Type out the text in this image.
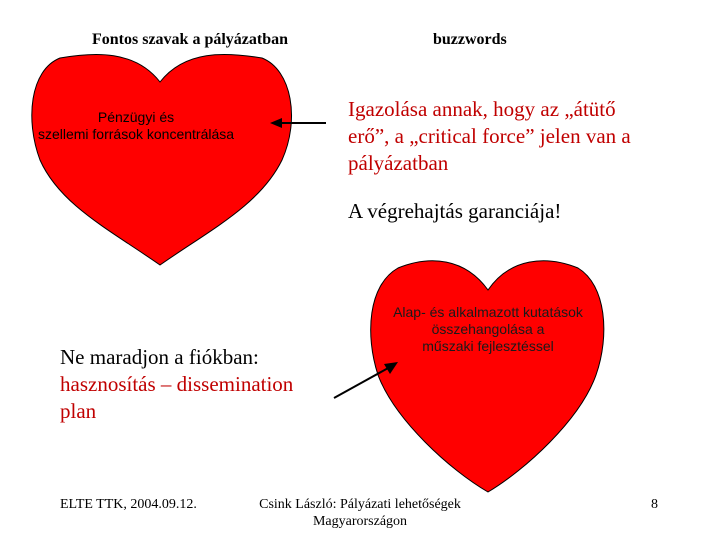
Fontos szavak a pályázatban	buzzwords
Pénzügyi és
szellemi források koncentrálása
Igazolása annak, hogy az „átütő
erő”, a „critical force” jelen van a
pályázatban
A végrehajtás garanciája!
Alap- és alkalmazott kutatások
összehangolása a
műszaki fejlesztéssel
Ne maradjon a fiókban:
hasznosítás – dissemination
plan
ELTE TTK, 2004.09.12.	Csink László: Pályázati lehetőségek
Magyarországon
8
